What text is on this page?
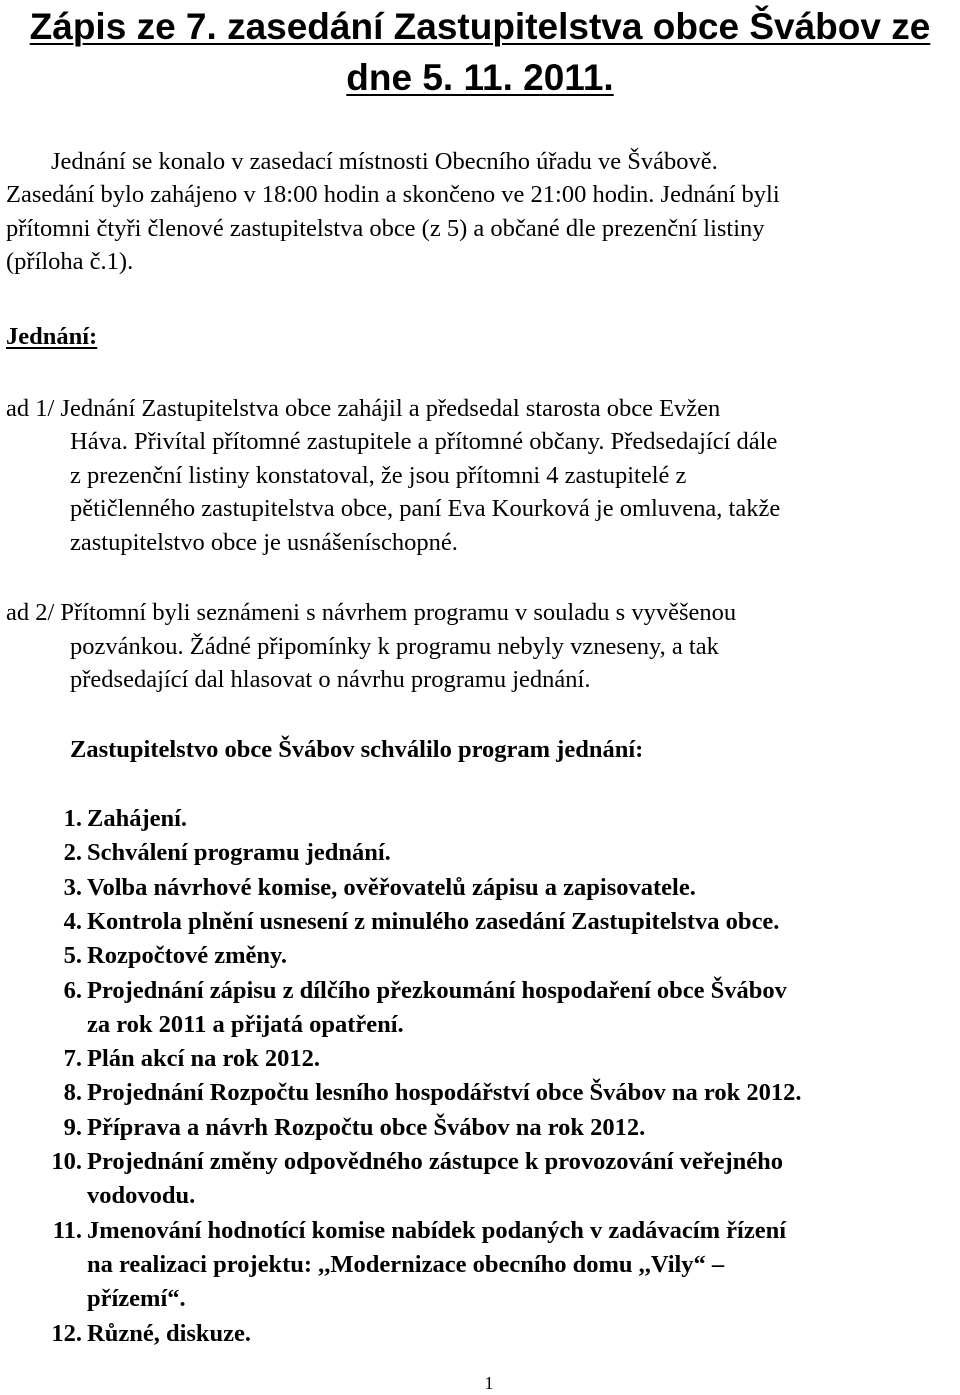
Zápis ze 7. zasedání Zastupitelstva obce Švábov ze
dne 5. 11. 2011.
Jednání se konalo v zasedací místnosti Obecního úřadu ve Švábově.
Zasedání bylo zahájeno v 18:00 hodin a skončeno ve 21:00 hodin. Jednání byli
přítomni čtyři členové zastupitelstva obce (z 5) a občané dle prezenční listiny
(příloha č.1).
Jednání:
ad 1/ Jednání Zastupitelstva obce zahájil a předsedal starosta obce Evžen
Háva. Přivítal přítomné zastupitele a přítomné občany. Předsedající dále
z prezenční listiny konstatoval, že jsou přítomni 4 zastupitelé z
pětičlenného zastupitelstva obce, paní Eva Kourková je omluvena, takže
zastupitelstvo obce je usnášeníschopné.
ad 2/ Přítomní byli seznámeni s návrhem programu v souladu s vyvěšenou
pozvánkou. Žádné připomínky k programu nebyly vzneseny, a tak
předsedající dal hlasovat o návrhu programu jednání.
Zastupitelstvo obce Švábov schválilo program jednání:
1. Zahájení.
2. Schválení programu jednání.
3. Volba návrhové komise, ověřovatelů zápisu a zapisovatele.
4. Kontrola plnění usnesení z minulého zasedání Zastupitelstva obce.
5. Rozpočtové změny.
6. Projednání zápisu z dílčího přezkoumání hospodaření obce Švábov
za rok 2011 a přijatá opatření.
7. Plán akcí na rok 2012.
8. Projednání Rozpočtu lesního hospodářství obce Švábov na rok 2012.
9. Příprava a návrh Rozpočtu obce Švábov na rok 2012.
10. Projednání změny odpovědného zástupce k provozování veřejného
vodovodu.
11. Jmenování hodnotící komise nabídek podaných v zadávacím řízení
na realizaci projektu: ,,Modernizace obecního domu ,,Vily“ –
přízemí“.
12. Různé, diskuze.
1
